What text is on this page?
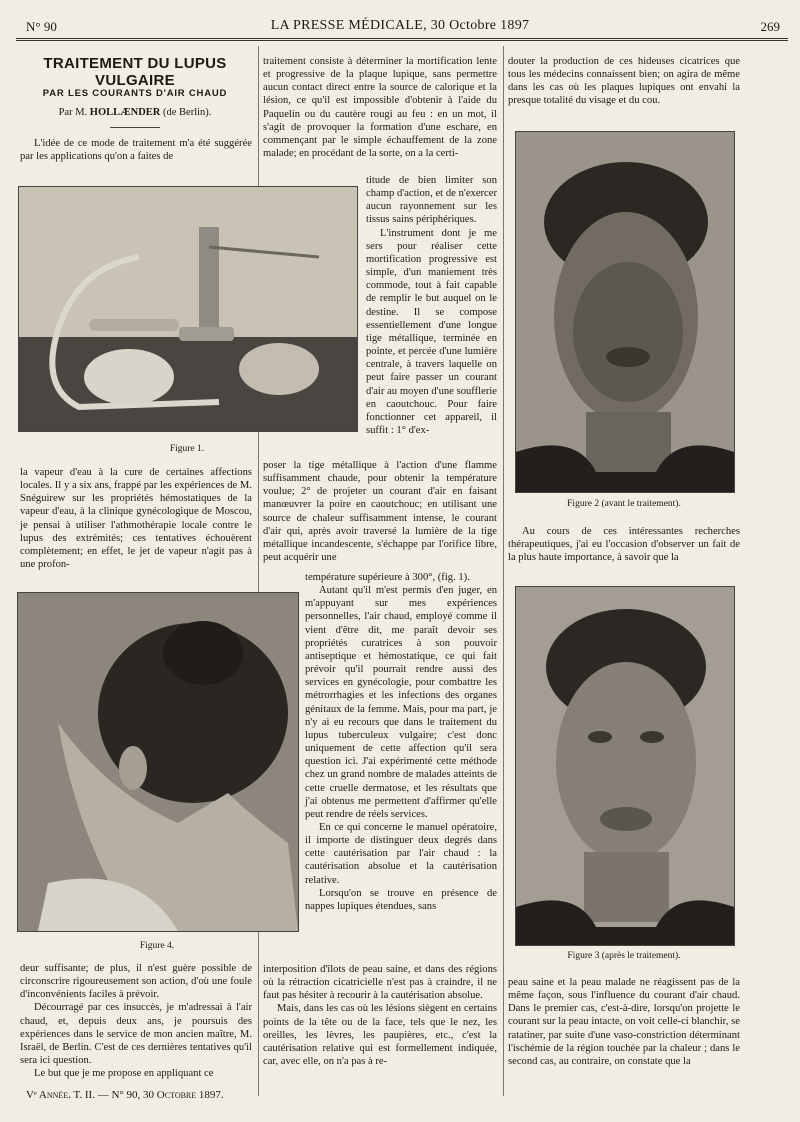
N° 90	LA PRESSE MÉDICALE, 30 Octobre 1897	269
TRAITEMENT DU LUPUS VULGAIRE
PAR LES COURANTS D'AIR CHAUD
Par M. HOLLÆNDER (de Berlin).

L'idée de ce mode de traitement m'a été suggérée par les applications qu'on a faites de

Figure 1.

la vapeur d'eau à la cure de certaines affections locales. Il y a six ans, frappé par les expériences de M. Snéguirew sur les propriétés hémostatiques de la vapeur d'eau, à la clinique gynécologique de Moscou, je pensai à utiliser l'athmothérapie locale contre le lupus des extrémités; ces tentatives échouèrent complètement; en effet, le jet de vapeur n'agit pas à une profon-

Figure 4.

deur suffisante; de plus, il n'est guère possible de circonscrire rigoureusement son action, d'où une foule d'inconvénients faciles à prévoir.

Décourragé par ces insuccès, je m'adressai à l'air chaud, et, depuis deux ans, je poursuis des expériences dans le service de mon ancien maître, M. Israël, de Berlin. C'est de ces dernières tentatives qu'il sera ici question.

Le but que je me propose en appliquant ce

traitement consiste à déterminer la mortification lente et progressive de la plaque lupique, sans permettre aucun contact direct entre la source de calorique et la lésion, ce qu'il est impossible d'obtenir à l'aide du Paquelin ou du cautère rougi au feu : en un mot, il s'agit de provoquer la formation d'une eschare, en commençant par le simple échauffement de la zone malade; en procédant de la sorte, on a la certi-

titude de bien limiter son champ d'action, et de n'exercer aucun rayonnement sur les tissus sains périphériques.

L'instrument dont je me sers pour réaliser cette mortification progressive est simple, d'un maniement très commode, tout à fait capable de remplir le but auquel on le destine. Il se compose essentiellement d'une longue tige métallique, terminée en pointe, et percée d'une lumière centrale, à travers laquelle on peut faire passer un courant d'air au moyen d'une soufflerie en caoutchouc. Pour faire fonctionner cet appareil, il suffit : 1° d'ex-

poser la tige métallique à l'action d'une flamme suffisamment chaude, pour obtenir la température voulue; 2° de projeter un courant d'air en faisant manœuvrer la poire en caoutchouc; en utilisant une source de chaleur suffisamment intense, le courant d'air qui, après avoir traversé la lumière de la tige métallique incandescente, s'échappe par l'orifice libre, peut acquérir une

température supérieure à 300°, (fig. 1).

Autant qu'il m'est permis d'en juger, en m'appuyant sur mes expériences personnelles, l'air chaud, employé comme il vient d'être dit, me paraît devoir ses propriétés curatrices à son pouvoir antiseptique et hémostatique, ce qui fait prévoir qu'il pourrait rendre aussi des services en gynécologie, pour combattre les métrorrhagies et les infections des organes génitaux de la femme. Mais, pour ma part, je n'y ai eu recours que dans le traitement du lupus tuberculeux vulgaire; c'est donc uniquement de cette affection qu'il sera question ici. J'ai expérimenté cette méthode chez un grand nombre de malades atteints de cette cruelle dermatose, et les résultats que j'ai obtenus me permettent d'affirmer qu'elle peut rendre de réels services.

En ce qui concerne le manuel opératoire, il importe de distinguer deux degrés dans cette cautérisation par l'air chaud : la cautérisation absolue et la cautérisation relative.

Lorsqu'on se trouve en présence de nappes lupiques étendues, sans

interposition d'îlots de peau saine, et dans des régions où la rétraction cicatricielle n'est pas à craindre, il ne faut pas hésiter à recourir à la cautérisation absolue.

Mais, dans les cas où les lésions siègent en certains points de la tête ou de la face, tels que le nez, les oreilles, les lèvres, les paupières, etc., c'est la cautérisation relative qui est formellement indiquée, car, avec elle, on n'a pas à re-

douter la production de ces hideuses cicatrices que tous les médecins connaissent bien; on agira de même dans les cas où les plaques lupiques ont envahi la presque totalité du visage et du cou.

Figure 2 (avant le traitement).

Au cours de ces intéressantes recherches thérapeutiques, j'ai eu l'occasion d'observer un fait de la plus haute importance, à savoir que la

Figure 3 (après le traitement).

peau saine et la peau malade ne réagissent pas de la même façon, sous l'influence du courant d'air chaud. Dans le premier cas, c'est-à-dire, lorsqu'on projette le courant sur la peau intacte, on voit celle-ci blanchir, se ratatiner, par suite d'une vaso-constriction déterminant l'ischémie de la région touchée par la chaleur ; dans le second cas, au contraire, on constate que la

Vᵉ Année. T. II. — N° 90, 30 Octobre 1897.
